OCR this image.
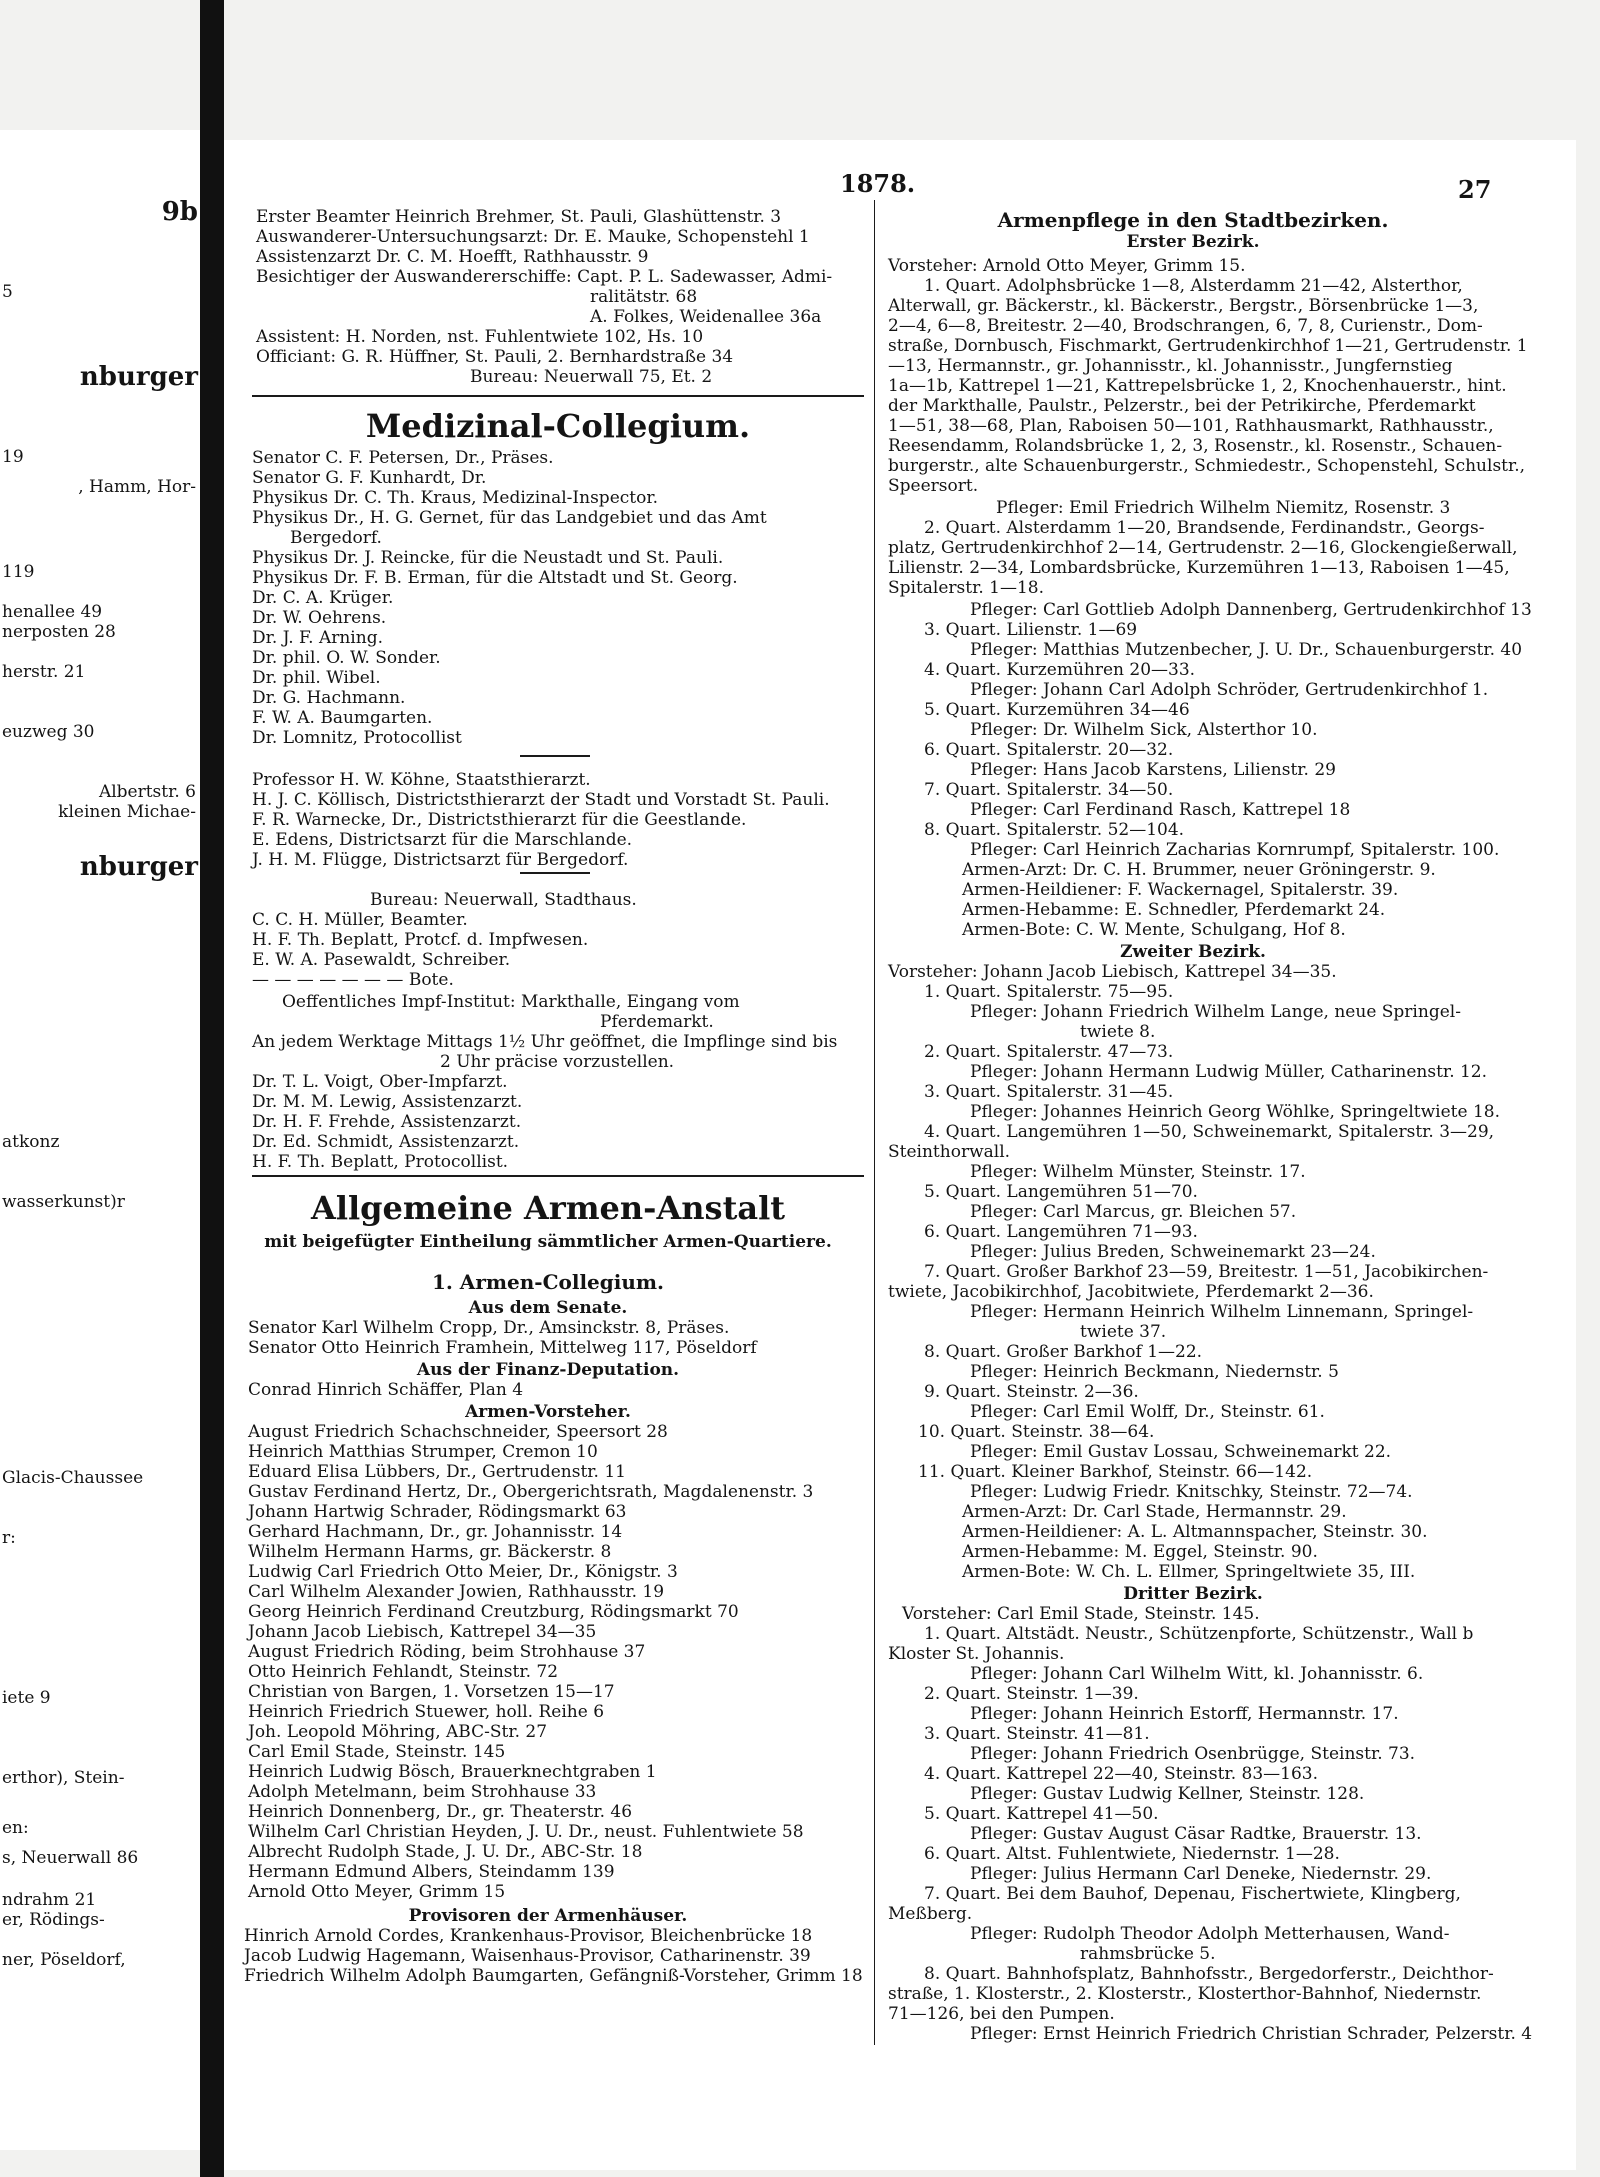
9b
5
nburger
19
, Hamm, Hor-
119
henallee 49
nerposten 28
herstr. 21
euzweg 30
Albertstr. 6
kleinen Michae-
nburger
atkonz
wasserkunst)r
Glacis-Chaussee
r:
iete 9
erthor), Stein-
en:
s, Neuerwall 86
ndrahm 21
er, Rödings-
ner, Pöseldorf,
1878.	27
Erster Beamter Heinrich Brehmer, St. Pauli, Glashüttenstr. 3
Auswanderer-Untersuchungsarzt: Dr. E. Mauke, Schopenstehl 1
Assistenzarzt Dr. C. M. Hoefft, Rathhausstr. 9
Besichtiger der Auswandererschiffe: Capt. P. L. Sadewasser, Admi-
ralitätstr. 68
A. Folkes, Weidenallee 36a
Assistent: H. Norden, nst. Fuhlentwiete 102, Hs. 10
Officiant: G. R. Hüffner, St. Pauli, 2. Bernhardstraße 34
Bureau: Neuerwall 75, Et. 2
Medizinal-Collegium.
Senator C. F. Petersen, Dr., Präses.
Senator G. F. Kunhardt, Dr.
Physikus Dr. C. Th. Kraus, Medizinal-Inspector.
Physikus Dr., H. G. Gernet, für das Landgebiet und das Amt
Bergedorf.
Physikus Dr. J. Reincke, für die Neustadt und St. Pauli.
Physikus Dr. F. B. Erman, für die Altstadt und St. Georg.
Dr. C. A. Krüger.
Dr. W. Oehrens.
Dr. J. F. Arning.
Dr. phil. O. W. Sonder.
Dr. phil. Wibel.
Dr. G. Hachmann.
F. W. A. Baumgarten.
Dr. Lomnitz, Protocollist
Professor H. W. Köhne, Staatsthierarzt.
H. J. C. Köllisch, Districtsthierarzt der Stadt und Vorstadt St. Pauli.
F. R. Warnecke, Dr., Districtsthierarzt für die Geestlande.
E. Edens, Districtsarzt für die Marschlande.
J. H. M. Flügge, Districtsarzt für Bergedorf.
Bureau: Neuerwall, Stadthaus.
C. C. H. Müller, Beamter.
H. F. Th. Beplatt, Protcf. d. Impfwesen.
E. W. A. Pasewaldt, Schreiber.
— — — — — — — Bote.
Oeffentliches Impf-Institut: Markthalle, Eingang vom
Pferdemarkt.
An jedem Werktage Mittags 1½ Uhr geöffnet, die Impflinge sind bis
2 Uhr präcise vorzustellen.
Dr. T. L. Voigt, Ober-Impfarzt.
Dr. M. M. Lewig, Assistenzarzt.
Dr. H. F. Frehde, Assistenzarzt.
Dr. Ed. Schmidt, Assistenzarzt.
H. F. Th. Beplatt, Protocollist.
Allgemeine Armen-Anstalt
mit beigefügter Eintheilung sämmtlicher Armen-Quartiere.
1. Armen-Collegium.
Aus dem Senate.
Senator Karl Wilhelm Cropp, Dr., Amsinckstr. 8, Präses.
Senator Otto Heinrich Framhein, Mittelweg 117, Pöseldorf
Aus der Finanz-Deputation.
Conrad Hinrich Schäffer, Plan 4
Armen-Vorsteher.
August Friedrich Schachschneider, Speersort 28
Heinrich Matthias Strumper, Cremon 10
Eduard Elisa Lübbers, Dr., Gertrudenstr. 11
Gustav Ferdinand Hertz, Dr., Obergerichtsrath, Magdalenenstr. 3
Johann Hartwig Schrader, Rödingsmarkt 63
Gerhard Hachmann, Dr., gr. Johannisstr. 14
Wilhelm Hermann Harms, gr. Bäckerstr. 8
Ludwig Carl Friedrich Otto Meier, Dr., Königstr. 3
Carl Wilhelm Alexander Jowien, Rathhausstr. 19
Georg Heinrich Ferdinand Creutzburg, Rödingsmarkt 70
Johann Jacob Liebisch, Kattrepel 34—35
August Friedrich Röding, beim Strohhause 37
Otto Heinrich Fehlandt, Steinstr. 72
Christian von Bargen, 1. Vorsetzen 15—17
Heinrich Friedrich Stuewer, holl. Reihe 6
Joh. Leopold Möhring, ABC-Str. 27
Carl Emil Stade, Steinstr. 145
Heinrich Ludwig Bösch, Brauerknechtgraben 1
Adolph Metelmann, beim Strohhause 33
Heinrich Donnenberg, Dr., gr. Theaterstr. 46
Wilhelm Carl Christian Heyden, J. U. Dr., neust. Fuhlentwiete 58
Albrecht Rudolph Stade, J. U. Dr., ABC-Str. 18
Hermann Edmund Albers, Steindamm 139
Arnold Otto Meyer, Grimm 15
Provisoren der Armenhäuser.
Hinrich Arnold Cordes, Krankenhaus-Provisor, Bleichenbrücke 18
Jacob Ludwig Hagemann, Waisenhaus-Provisor, Catharinenstr. 39
Friedrich Wilhelm Adolph Baumgarten, Gefängniß-Vorsteher, Grimm 18
Armenpflege in den Stadtbezirken.
Erster Bezirk.
Vorsteher: Arnold Otto Meyer, Grimm 15.
1. Quart. Adolphsbrücke 1—8, Alsterdamm 21—42, Alsterthor,
Alterwall, gr. Bäckerstr., kl. Bäckerstr., Bergstr., Börsenbrücke 1—3,
2—4, 6—8, Breitestr. 2—40, Brodschrangen, 6, 7, 8, Curienstr., Dom-
straße, Dornbusch, Fischmarkt, Gertrudenkirchhof 1—21, Gertrudenstr. 1
—13, Hermannstr., gr. Johannisstr., kl. Johannisstr., Jungfernstieg
1a—1b, Kattrepel 1—21, Kattrepelsbrücke 1, 2, Knochenhauerstr., hint.
der Markthalle, Paulstr., Pelzerstr., bei der Petrikirche, Pferdemarkt
1—51, 38—68, Plan, Raboisen 50—101, Rathhausmarkt, Rathhausstr.,
Reesendamm, Rolandsbrücke 1, 2, 3, Rosenstr., kl. Rosenstr., Schauen-
burgerstr., alte Schauenburgerstr., Schmiedestr., Schopenstehl, Schulstr.,
Speersort.
Pfleger: Emil Friedrich Wilhelm Niemitz, Rosenstr. 3
2. Quart. Alsterdamm 1—20, Brandsende, Ferdinandstr., Georgs-
platz, Gertrudenkirchhof 2—14, Gertrudenstr. 2—16, Glockengießerwall,
Lilienstr. 2—34, Lombardsbrücke, Kurzemühren 1—13, Raboisen 1—45,
Spitalerstr. 1—18.
Pfleger: Carl Gottlieb Adolph Dannenberg, Gertrudenkirchhof 13
3. Quart. Lilienstr. 1—69
Pfleger: Matthias Mutzenbecher, J. U. Dr., Schauenburgerstr. 40
4. Quart. Kurzemühren 20—33.
Pfleger: Johann Carl Adolph Schröder, Gertrudenkirchhof 1.
5. Quart. Kurzemühren 34—46
Pfleger: Dr. Wilhelm Sick, Alsterthor 10.
6. Quart. Spitalerstr. 20—32.
Pfleger: Hans Jacob Karstens, Lilienstr. 29
7. Quart. Spitalerstr. 34—50.
Pfleger: Carl Ferdinand Rasch, Kattrepel 18
8. Quart. Spitalerstr. 52—104.
Pfleger: Carl Heinrich Zacharias Kornrumpf, Spitalerstr. 100.
Armen-Arzt: Dr. C. H. Brummer, neuer Gröningerstr. 9.
Armen-Heildiener: F. Wackernagel, Spitalerstr. 39.
Armen-Hebamme: E. Schnedler, Pferdemarkt 24.
Armen-Bote: C. W. Mente, Schulgang, Hof 8.
Zweiter Bezirk.
Vorsteher: Johann Jacob Liebisch, Kattrepel 34—35.
1. Quart. Spitalerstr. 75—95.
Pfleger: Johann Friedrich Wilhelm Lange, neue Springel-
twiete 8.
2. Quart. Spitalerstr. 47—73.
Pfleger: Johann Hermann Ludwig Müller, Catharinenstr. 12.
3. Quart. Spitalerstr. 31—45.
Pfleger: Johannes Heinrich Georg Wöhlke, Springeltwiete 18.
4. Quart. Langemühren 1—50, Schweinemarkt, Spitalerstr. 3—29,
Steinthorwall.
Pfleger: Wilhelm Münster, Steinstr. 17.
5. Quart. Langemühren 51—70.
Pfleger: Carl Marcus, gr. Bleichen 57.
6. Quart. Langemühren 71—93.
Pfleger: Julius Breden, Schweinemarkt 23—24.
7. Quart. Großer Barkhof 23—59, Breitestr. 1—51, Jacobikirchen-
twiete, Jacobikirchhof, Jacobitwiete, Pferdemarkt 2—36.
Pfleger: Hermann Heinrich Wilhelm Linnemann, Springel-
twiete 37.
8. Quart. Großer Barkhof 1—22.
Pfleger: Heinrich Beckmann, Niedernstr. 5
9. Quart. Steinstr. 2—36.
Pfleger: Carl Emil Wolff, Dr., Steinstr. 61.
10. Quart. Steinstr. 38—64.
Pfleger: Emil Gustav Lossau, Schweinemarkt 22.
11. Quart. Kleiner Barkhof, Steinstr. 66—142.
Pfleger: Ludwig Friedr. Knitschky, Steinstr. 72—74.
Armen-Arzt: Dr. Carl Stade, Hermannstr. 29.
Armen-Heildiener: A. L. Altmannspacher, Steinstr. 30.
Armen-Hebamme: M. Eggel, Steinstr. 90.
Armen-Bote: W. Ch. L. Ellmer, Springeltwiete 35, III.
Dritter Bezirk.
Vorsteher: Carl Emil Stade, Steinstr. 145.
1. Quart. Altstädt. Neustr., Schützenpforte, Schützenstr., Wall b
Kloster St. Johannis.
Pfleger: Johann Carl Wilhelm Witt, kl. Johannisstr. 6.
2. Quart. Steinstr. 1—39.
Pfleger: Johann Heinrich Estorff, Hermannstr. 17.
3. Quart. Steinstr. 41—81.
Pfleger: Johann Friedrich Osenbrügge, Steinstr. 73.
4. Quart. Kattrepel 22—40, Steinstr. 83—163.
Pfleger: Gustav Ludwig Kellner, Steinstr. 128.
5. Quart. Kattrepel 41—50.
Pfleger: Gustav August Cäsar Radtke, Brauerstr. 13.
6. Quart. Altst. Fuhlentwiete, Niedernstr. 1—28.
Pfleger: Julius Hermann Carl Deneke, Niedernstr. 29.
7. Quart. Bei dem Bauhof, Depenau, Fischertwiete, Klingberg,
Meßberg.
Pfleger: Rudolph Theodor Adolph Metterhausen, Wand-
rahmsbrücke 5.
8. Quart. Bahnhofsplatz, Bahnhofsstr., Bergedorferstr., Deichthor-
straße, 1. Klosterstr., 2. Klosterstr., Klosterthor-Bahnhof, Niedernstr.
71—126, bei den Pumpen.
Pfleger: Ernst Heinrich Friedrich Christian Schrader, Pelzerstr. 4
